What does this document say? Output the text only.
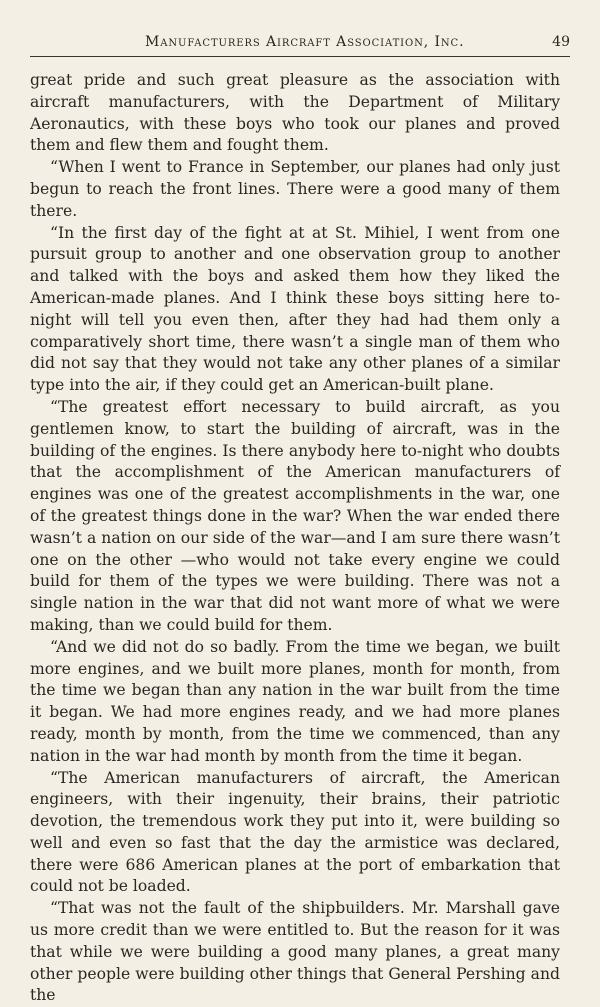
Manufacturers Aircraft Association, Inc.	49

great pride and such great pleasure as the association with aircraft manufacturers, with the Department of Military Aeronautics, with these boys who took our planes and proved them and flew them and fought them.

“When I went to France in September, our planes had only just begun to reach the front lines. There were a good many of them there.

“In the first day of the fight at at St. Mihiel, I went from one pursuit group to another and one observation group to another and talked with the boys and asked them how they liked the American-made planes. And I think these boys sitting here to-night will tell you even then, after they had had them only a comparatively short time, there wasn’t a single man of them who did not say that they would not take any other planes of a similar type into the air, if they could get an American-built plane.

“The greatest effort necessary to build aircraft, as you gentlemen know, to start the building of aircraft, was in the building of the engines. Is there anybody here to-night who doubts that the accomplishment of the American manufacturers of engines was one of the greatest accomplishments in the war, one of the greatest things done in the war? When the war ended there wasn’t a nation on our side of the war—and I am sure there wasn’t one on the other —who would not take every engine we could build for them of the types we were building. There was not a single nation in the war that did not want more of what we were making, than we could build for them.

“And we did not do so badly. From the time we began, we built more engines, and we built more planes, month for month, from the time we began than any nation in the war built from the time it began. We had more engines ready, and we had more planes ready, month by month, from the time we commenced, than any nation in the war had month by month from the time it began.

“The American manufacturers of aircraft, the American engineers, with their ingenuity, their brains, their patriotic devotion, the tremendous work they put into it, were building so well and even so fast that the day the armistice was declared, there were 686 American planes at the port of embarkation that could not be loaded.

“That was not the fault of the shipbuilders. Mr. Marshall gave us more credit than we were entitled to. But the reason for it was that while we were building a good many planes, a great many other people were building other things that General Pershing and the
